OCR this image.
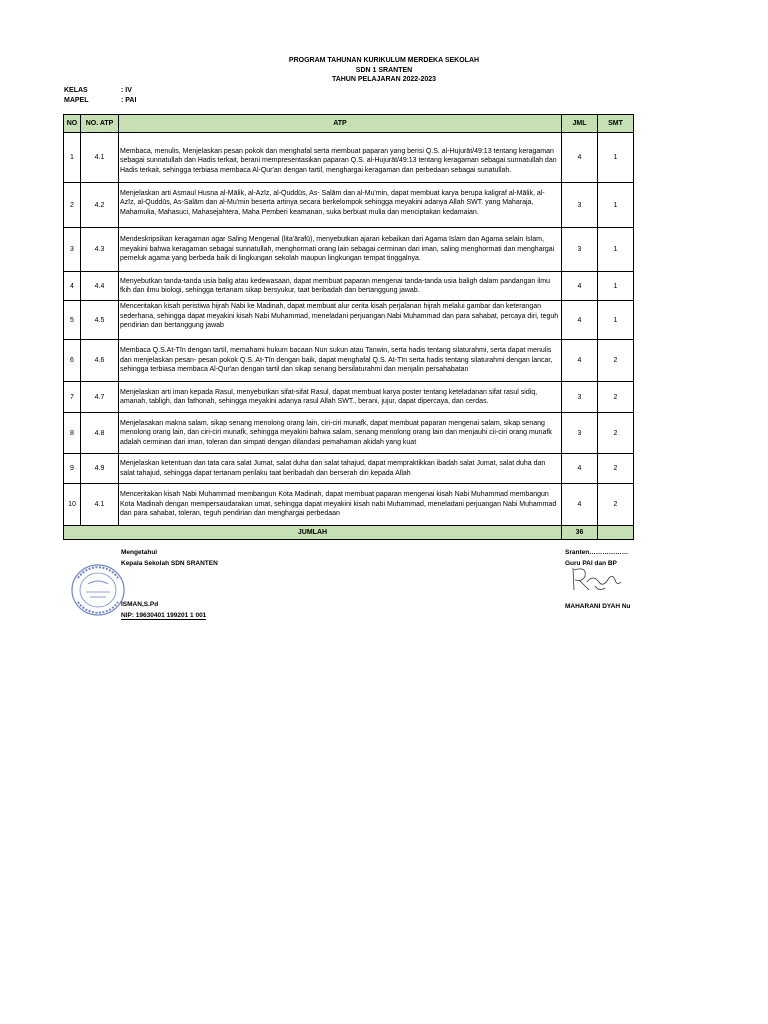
PROGRAM TAHUNAN KURIKULUM MERDEKA SEKOLAH
SDN 1 SRANTEN
TAHUN PELAJARAN 2022-2023
KELAS	: IV
MAPEL	: PAI
NO	NO. ATP	ATP	JML	SMT
1	4.1	Membaca, menulis, Menjelaskan pesan pokok dan menghafal serta membuat paparan yang berisi Q.S. al-Hujurāt/49:13 tentang keragaman sebagai sunnatullah dan Hadis terkait, berani mempresentasikan paparan Q.S. al-Hujurāt/49:13 tentang keragaman sebagai sunnatullah dan Hadis terkait, sehingga terbiasa membaca Al-Qur'an dengan tartil, menghargai keragaman dan perbedaan sebagai sunatullah.	4	1
2	4.2	Menjelaskan arti Asmaul Husna al-Mālik, al-Azīz, al-Quddūs, As- Salām dan al-Mu'min, dapat membuat karya berupa kaligraf al-Mālik, al-Azīz, al-Quddūs, As-Salām dan al-Mu'min beserta artinya secara berkelompok sehingga meyakini adanya Allah SWT. yang Maharaja, Mahamulia, Mahasuci, Mahasejahtera, Maha Pemberi keamanan, suka berbuat mulia dan menciptakan kedamaian.	3	1
3	4.3	Mendeskripsikan keragaman agar Saling Mengenal (lita'ārafū), menyebutkan ajaran kebaikan dari Agama Islam dan Agama selain Islam, meyakini bahwa keragaman sebagai sunnatullah, menghormati orang lain sebagai cerminan dari iman, saling menghormati dan menghargai pemeluk agama yang berbeda baik di lingkungan sekolah maupun lingkungan tempat tinggalnya.	3	1
4	4.4	Menyebutkan tanda-tanda usia balig atau kedewasaan, dapat membuat paparan mengenai tanda-tanda usia baligh dalam pandangan ilmu fkih dan ilmu biologi, sehingga tertanam sikap bersyukur, taat beribadah dan bertanggung jawab.	4	1
5	4.5	Menceritakan kisah peristiwa hijrah Nabi ke Madinah, dapat membuat alur cerita kisah perjalanan hijrah melalui gambar dan keterangan sederhana, sehingga dapat meyakini kisah Nabi Muhammad, meneladani perjuangan Nabi Muhammad dan para sahabat, percaya diri, teguh pendirian dan bertanggung jawab	4	1
6	4.6	Membaca Q.S.At-Tīn dengan tartil, memahami hukum bacaan Nun sukun atau Tanwin, serta hadis tentang silaturahmi, serta dapat menulis dan menjelaskan pesan- pesan pokok Q.S. At-Tīn dengan baik, dapat menghafal Q.S. At-Tīn serta hadis tentang silaturahmi dengan lancar, sehingga terbiasa membaca Al-Qur'an dengan tartil dan sikap senang bersilaturahmi dan menjalin persahabatan	4	2
7	4.7	Menjelaskan arti iman kepada Rasul, menyebutkan sifat-sifat Rasul, dapat membuat karya poster tentang keteladanan sifat rasul sidiq, amanah, tabligh, dan fathonah, sehingga meyakini adanya rasul Allah SWT., berani, jujur, dapat dipercaya, dan cerdas.	3	2
8	4.8	Menjelasakan makna salam, sikap senang menolong orang lain, ciri-ciri munafk, dapat membuat paparan mengenai salam, sikap senang menolong orang lain, dan ciri-ciri munafk, sehingga meyakini bahwa salam, senang menolong orang lain dan menjauhi cii-ciri orang munafk adalah cerminan dari iman, toleran dan simpati dengan dilandasi pemahaman akidah yang kuat	3	2
9	4.9	Menjelaskan ketentuan dan tata cara salat Jumat, salat duha dan salat tahajud, dapat mempraktikkan ibadah salat Jumat, salat duha dan salat tahajud, sehingga dapat tertanam perilaku taat beribadah dan berserah diri kepada Allah	4	2
10	4.1	Menceritakan kisah Nabi Muhammad membangun Kota Madinah, dapat membuat paparan mengenai kisah Nabi Muhammad membangun Kota Madinah dengan mempersaudarakan umat, sehingga dapat meyakini kisah nabi Muhammad, meneladani perjuangan Nabi Muhammad dan para sahabat, toleran, teguh pendirian dan menghargai perbedaan	4	2
JUMLAH			36	
Mengetahui
Kepala Sekolah SDN SRANTEN
ISMAN,S.Pd
NIP: 19630401 199201 1 001
Sranten………………
Guru PAI dan BP
MAHARANI DYAH Nu
